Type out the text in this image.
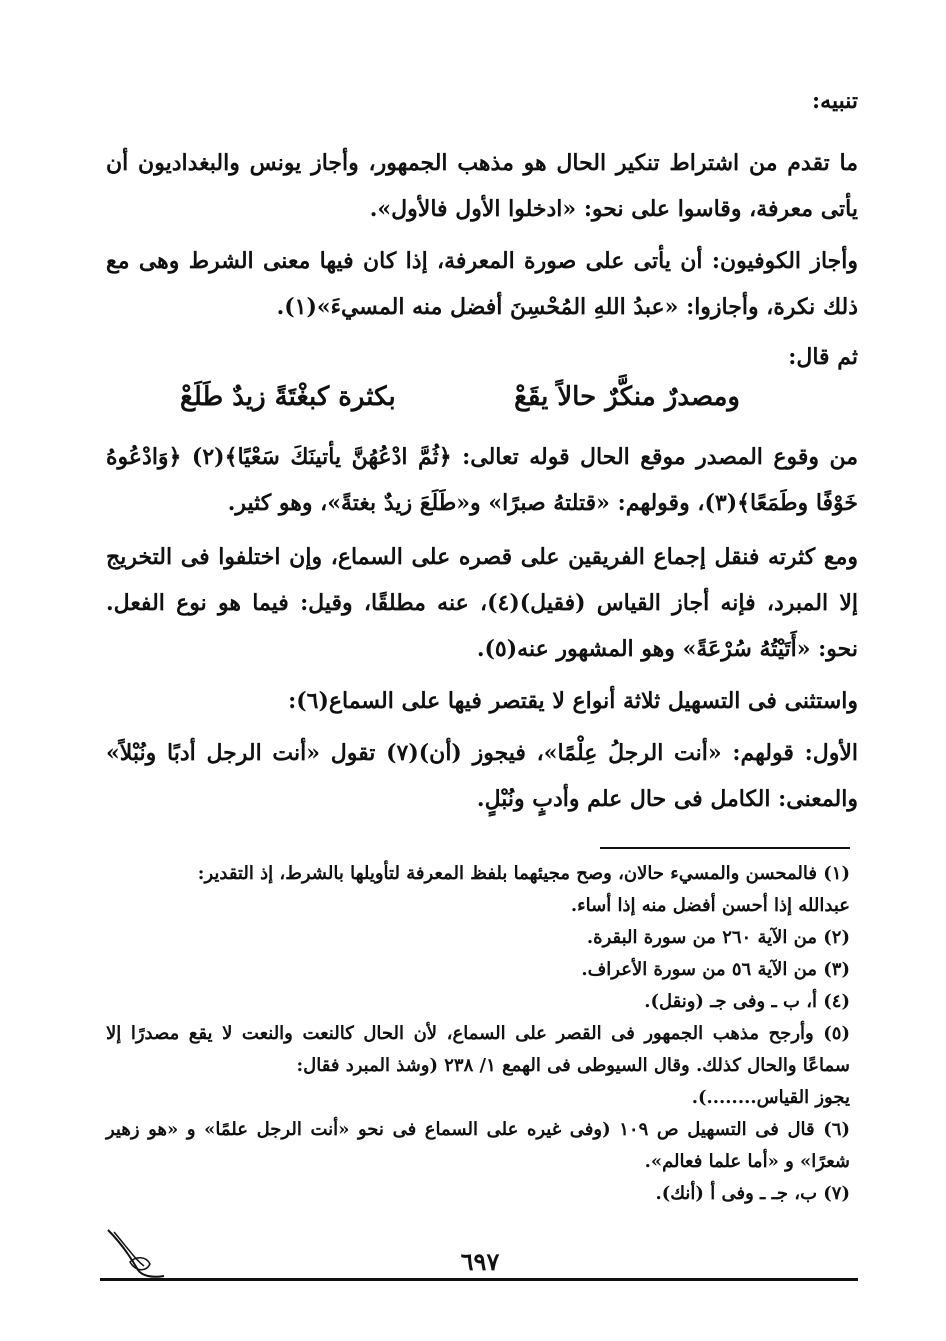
تنبيه:
ما تقدم من اشتراط تنكير الحال هو مذهب الجمهور، وأجاز يونس والبغداديون أن يأتى معرفة، وقاسوا على نحو: «ادخلوا الأول فالأول».
وأجاز الكوفيون: أن يأتى على صورة المعرفة، إذا كان فيها معنى الشرط وهى مع ذلك نكرة، وأجازوا: «عبدُ اللهِ المُحْسِنَ أفضل منه المسيءَ»(١).
ثم قال:
ومصدرٌ منكَّرٌ حالاً يقَعْ
بكثرة كبغْتَةً زيدٌ طَلَعْ
من وقوع المصدر موقع الحال قوله تعالى: ﴿ثُمَّ ادْعُهُنَّ يأتينَكَ سَعْيًا﴾(٢) ﴿وَادْعُوهُ خَوْفًا وطَمَعًا﴾(٣)، وقولهم: «قتلتهُ صبرًا» و«طَلَعَ زيدٌ بغتةً»، وهو كثير.
ومع كثرته فنقل إجماع الفريقين على قصره على السماع، وإن اختلفوا فى التخريج إلا المبرد، فإنه أجاز القياس (فقيل)(٤)، عنه مطلقًا، وقيل: فيما هو نوع الفعل. نحو: «أَتَيْتُهُ سُرْعَةً» وهو المشهور عنه(٥).
واستثنى فى التسهيل ثلاثة أنواع لا يقتصر فيها على السماع(٦):
الأول: قولهم: «أنت الرجلُ عِلْمًا»، فيجوز (أن)(٧) تقول «أنت الرجل أدبًا ونُبْلاً» والمعنى: الكامل فى حال علم وأدبٍ ونُبْلٍ.
(١) فالمحسن والمسيء حالان، وصح مجيئهما بلفظ المعرفة لتأويلها بالشرط، إذ التقدير:
عبدالله إذا أحسن أفضل منه إذا أساء.
(٢) من الآية ٢٦٠ من سورة البقرة.
(٣) من الآية ٥٦ من سورة الأعراف.
(٤) أ، ب ـ وفى جـ (ونقل).
(٥) وأرجح مذهب الجمهور فى القصر على السماع، لأن الحال كالنعت والنعت لا يقع مصدرًا إلا سماعًا والحال كذلك. وقال السيوطى فى الهمع ١/ ٢٣٨ (وشذ المبرد فقال:
يجوز القياس........).
(٦) قال فى التسهيل ص ١٠٩ (وفى غيره على السماع فى نحو «أنت الرجل علمًا» و «هو زهير شعرًا» و «أما علما فعالم».
(٧) ب، جـ ـ وفى أ (أنك).
٦٩٧
